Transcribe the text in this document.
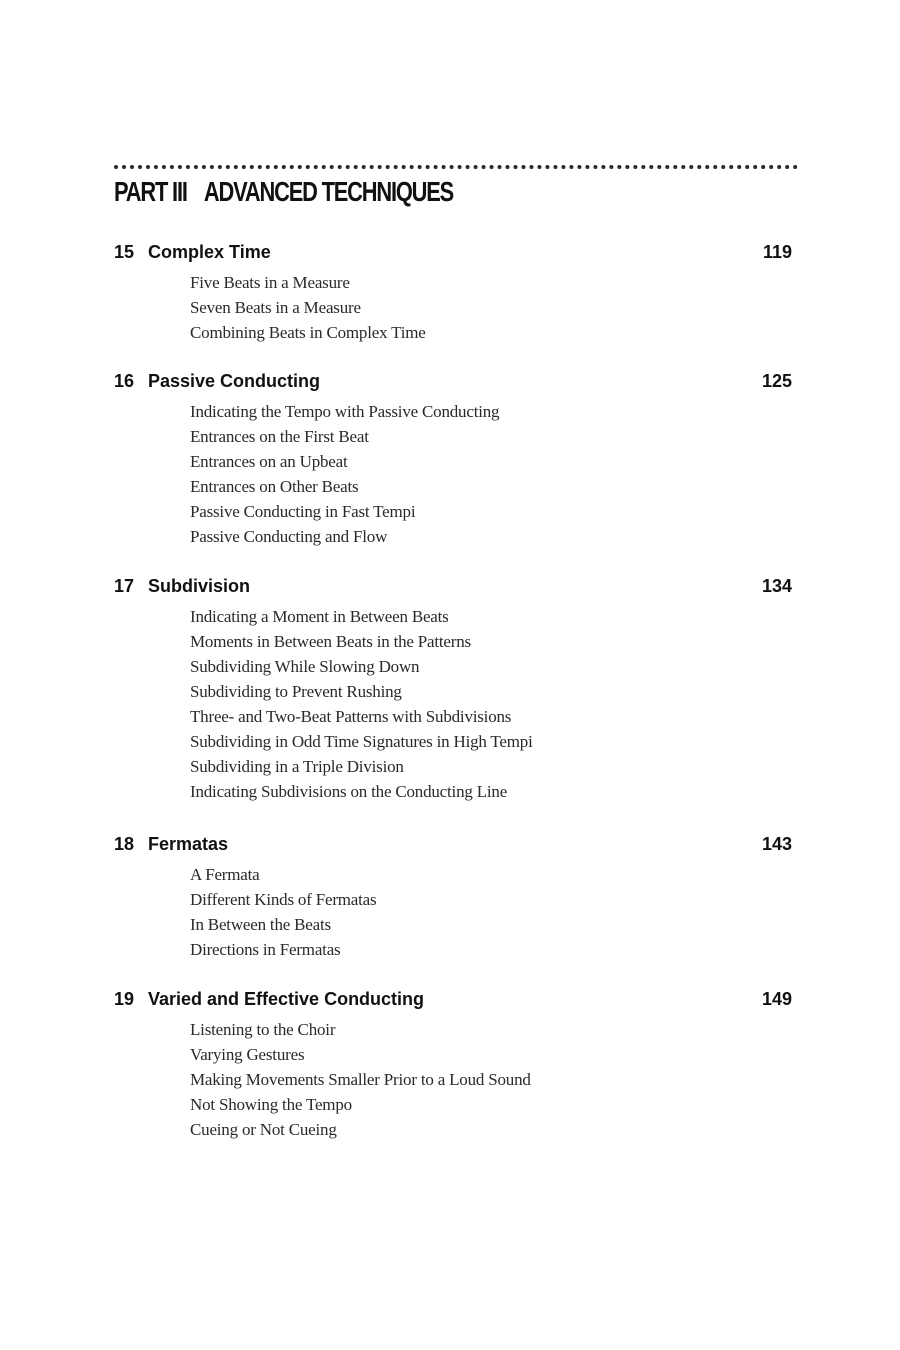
PART III ADVANCED TECHNIQUES
15 Complex Time	119
Five Beats in a Measure
Seven Beats in a Measure
Combining Beats in Complex Time
16 Passive Conducting	125
Indicating the Tempo with Passive Conducting
Entrances on the First Beat
Entrances on an Upbeat
Entrances on Other Beats
Passive Conducting in Fast Tempi
Passive Conducting and Flow
17 Subdivision	134
Indicating a Moment in Between Beats
Moments in Between Beats in the Patterns
Subdividing While Slowing Down
Subdividing to Prevent Rushing
Three- and Two-Beat Patterns with Subdivisions
Subdividing in Odd Time Signatures in High Tempi
Subdividing in a Triple Division
Indicating Subdivisions on the Conducting Line
18 Fermatas	143
A Fermata
Different Kinds of Fermatas
In Between the Beats
Directions in Fermatas
19 Varied and Effective Conducting	149
Listening to the Choir
Varying Gestures
Making Movements Smaller Prior to a Loud Sound
Not Showing the Tempo
Cueing or Not Cueing
